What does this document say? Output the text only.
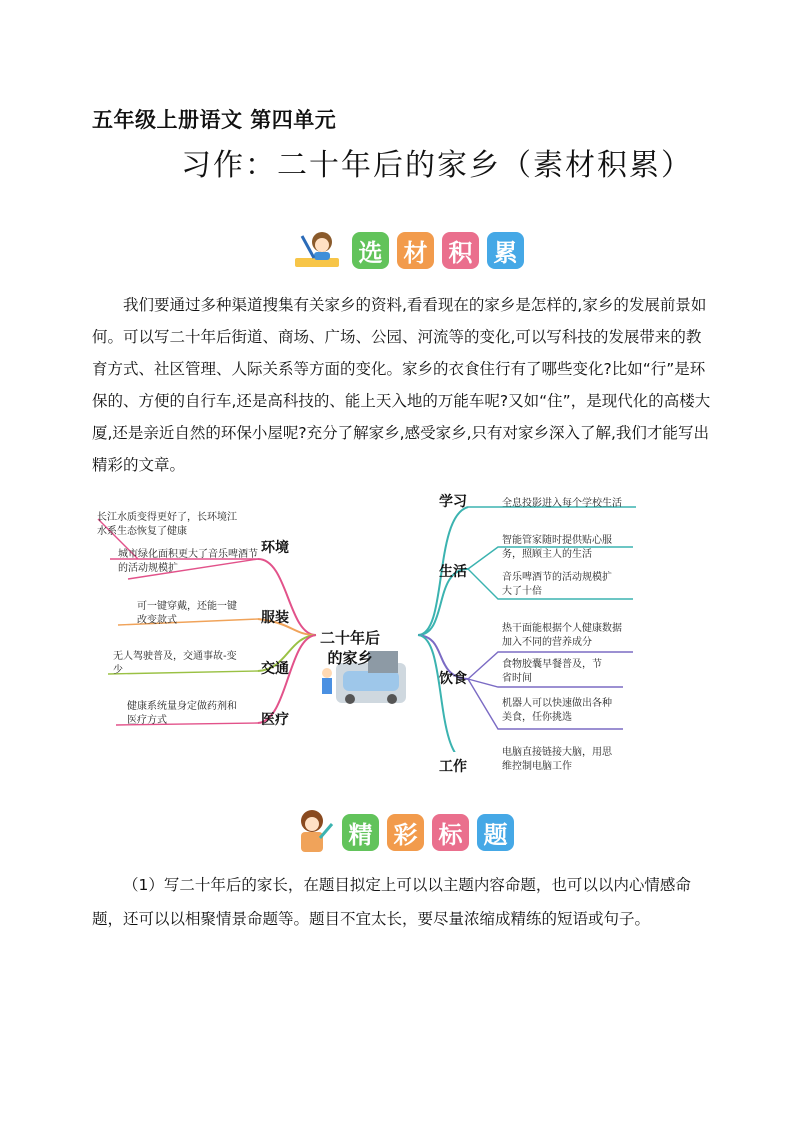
五年级上册语文 第四单元
习作：二十年后的家乡（素材积累）
选 材 积 累
我们要通过多种渠道搜集有关家乡的资料,看看现在的家乡是怎样的,家乡的发展前景如何。可以写二十年后街道、商场、广场、公园、河流等的变化,可以写科技的发展带来的教育方式、社区管理、人际关系等方面的变化。家乡的衣食住行有了哪些变化?比如“行”是环保的、方便的自行车,还是高科技的、能上天入地的万能车呢?又如“住”，是现代化的高楼大厦,还是亲近自然的环保小屋呢?充分了解家乡,感受家乡,只有对家乡深入了解,我们才能写出精彩的文章。
二十年后
的家乡
环境
长江水质变得更好了，长环境江水系生态恢复了健康
城市绿化面积更大了音乐啤酒节的活动规模扩
服装
可一键穿戴，还能一键改变款式
交通
无人驾驶普及，交通事故-变少
医疗
健康系统量身定做药剂和医疗方式
学习	全息投影进入每个学校生活
生活
智能管家随时提供贴心服务，照顾主人的生活
音乐啤酒节的活动规模扩大了十倍
饮食
热干面能根据个人健康数据加入不同的营养成分
食物胶囊早餐普及，节省时间
机器人可以快速做出各种美食，任你挑选
工作
电脑直接链接大脑，用思维控制电脑工作
精 彩 标 题
（1）写二十年后的家长，在题目拟定上可以以主题内容命题，也可以以内心情感命题，还可以以相聚情景命题等。题目不宜太长，要尽量浓缩成精练的短语或句子。
